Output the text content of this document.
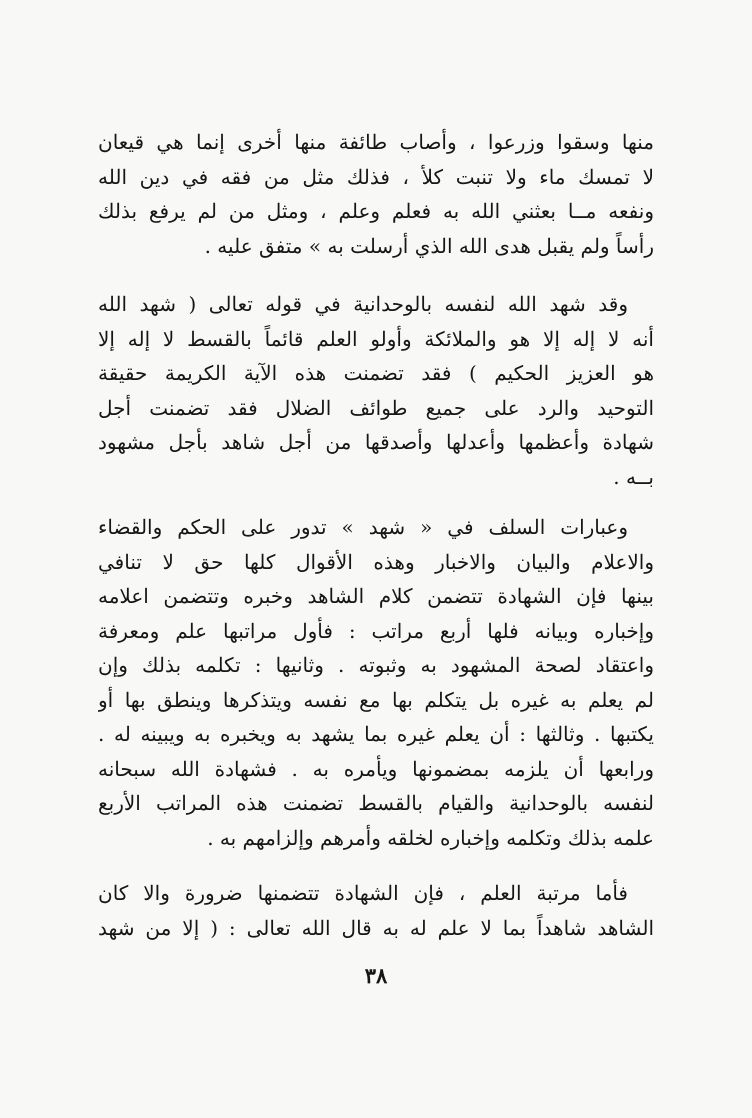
منها وسقوا وزرعوا ، وأصاب طائفة منها أخرى إنما هي قيعان
لا تمسك ماء ولا تنبت كلأ ، فذلك مثل من فقه في دين الله
ونفعه مــا بعثني الله به فعلم وعلم ، ومثل من لم يرفع بذلك
رأساً ولم يقبل هدى الله الذي أرسلت به » متفق عليه .
وقد شهد الله لنفسه بالوحدانية في قوله تعالى ( شهد الله
أنه لا إله إلا هو والملائكة وأولو العلم قائماً بالقسط لا إله إلا
هو العزيز الحكيم ) فقد تضمنت هذه الآية الكريمة حقيقة
التوحيد والرد على جميع طوائف الضلال فقد تضمنت أجل
شهادة وأعظمها وأعدلها وأصدقها من أجل شاهد بأجل مشهود
بــه .
وعبارات السلف في « شهد » تدور على الحكم والقضاء
والاعلام والبيان والاخبار وهذه الأقوال كلها حق لا تنافي
بينها فإن الشهادة تتضمن كلام الشاهد وخبره وتتضمن اعلامه
وإخباره وبيانه فلها أربع مراتب : فأول مراتبها علم ومعرفة
واعتقاد لصحة المشهود به وثبوته . وثانيها : تكلمه بذلك وإن
لم يعلم به غيره بل يتكلم بها مع نفسه ويتذكرها وينطق بها أو
يكتبها . وثالثها : أن يعلم غيره بما يشهد به ويخبره به ويبينه له .
ورابعها أن يلزمه بمضمونها ويأمره به . فشهادة الله سبحانه
لنفسه بالوحدانية والقيام بالقسط تضمنت هذه المراتب الأربع
علمه بذلك وتكلمه وإخباره لخلقه وأمرهم وإلزامهم به .
فأما مرتبة العلم ، فإن الشهادة تتضمنها ضرورة والا كان
الشاهد شاهداً بما لا علم له به قال الله تعالى : ( إلا من شهد
٣٨
